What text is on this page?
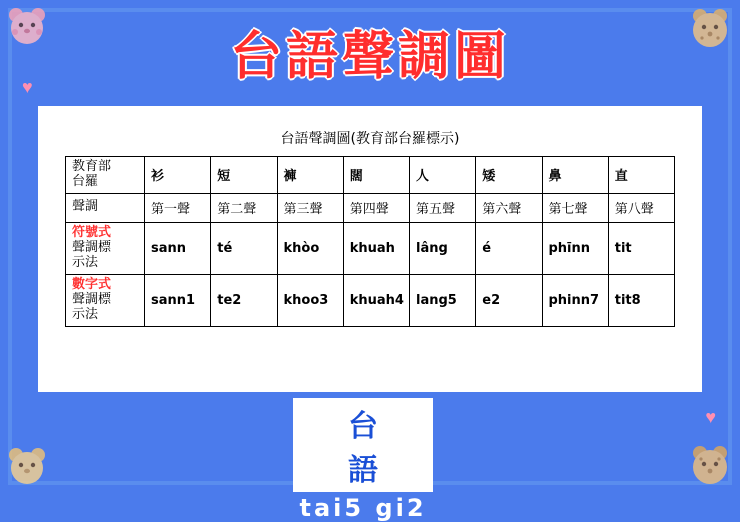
♥
♥
台語聲調圖
台語聲調圖(教育部台羅標示)
教育部
台羅	衫	短	褲	闊	人	矮	鼻	直
聲調	第一聲	第二聲	第三聲	第四聲	第五聲	第六聲	第七聲	第八聲

符號式
聲調標
示法	sann	té	khòo	khuah	lâng	é	phīnn	tit

數字式
聲調標
示法	sann1	te2	khoo3	khuah4	lang5	e2	phinn7	tit8
台　語
tai5 gi2
